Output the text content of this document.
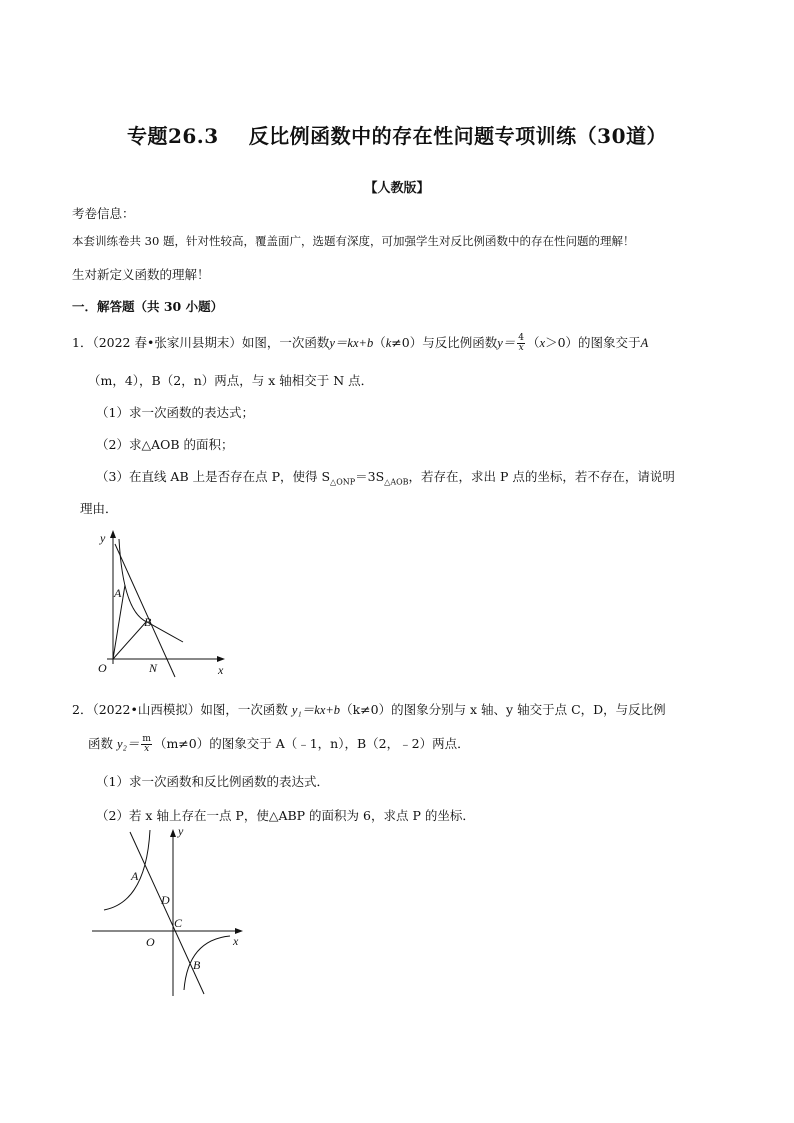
专题26.3 反比例函数中的存在性问题专项训练（30道）
【人教版】
考卷信息：
本套训练卷共 30 题，针对性较高，覆盖面广，选题有深度，可加强学生对反比例函数中的存在性问题的理解！
生对新定义函数的理解！
一．解答题（共 30 小题）
1．（2022 春•张家川县期末）如图，一次函数y＝kx+b（k≠0）与反比例函数$y= \frac{4}{x} (x>0)$的图象交于A
（m，4），B（2，n）两点，与 x 轴相交于 N 点．
（1）求一次函数的表达式；
（2）求△AOB 的面积；
（3）在直线 AB 上是否存在点 P，使得 $S_{\triangle ONP}=3S_{\triangle AOB}$，若存在，求出 P 点的坐标，若不存在，请说明
理由．
y
x
O
A
B
N
2．（2022•山西模拟）如图，一次函数 y₁＝kx+b（k≠0）的图象分别与 x 轴、y 轴交于点 C，D，与反比例
函数 $y_2= \frac{m}{x} (m\ne 0)$的图象交于 A（﹣1，n），B（2，﹣2）两点．
（1）求一次函数和反比例函数的表达式．
（2）若 x 轴上存在一点 P，使△ABP 的面积为 6，求点 P 的坐标．
y
x
O
A
D
C
B
